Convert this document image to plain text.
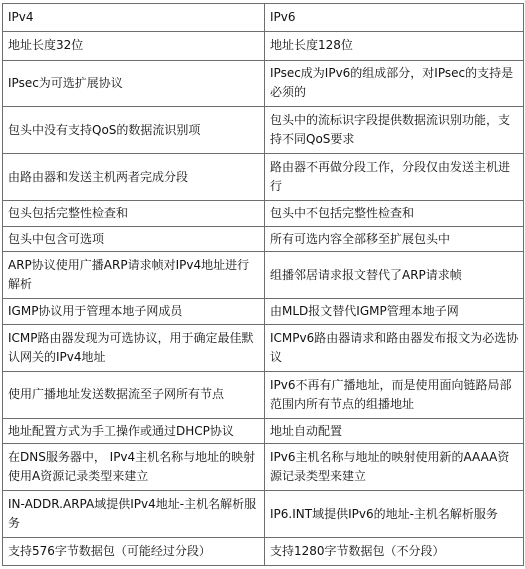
IPv4	IPv6
地址长度32位	地址长度128位
IPsec为可选扩展协议	IPsec成为IPv6的组成部分，对IPsec的支持是必须的
包头中没有支持QoS的数据流识别项	包头中的流标识字段提供数据流识别功能，支持不同QoS要求
由路由器和发送主机两者完成分段	路由器不再做分段工作，分段仅由发送主机进行
包头包括完整性检查和	包头中不包括完整性检查和
包头中包含可选项	所有可选内容全部移至扩展包头中
ARP协议使用广播ARP请求帧对IPv4地址进行解析	组播邻居请求报文替代了ARP请求帧
IGMP协议用于管理本地子网成员	由MLD报文替代IGMP管理本地子网
ICMP路由器发现为可选协议，用于确定最佳默认网关的IPv4地址	ICMPv6路由器请求和路由器发布报文为必选协议
使用广播地址发送数据流至子网所有节点	IPv6不再有广播地址，而是使用面向链路局部范围内所有节点的组播地址
地址配置方式为手工操作或通过DHCP协议	地址自动配置
在DNS服务器中， IPv4主机名称与地址的映射使用A资源记录类型来建立	IPv6主机名称与地址的映射使用新的AAAA资源记录类型来建立
IN-ADDR.ARPA域提供IPv4地址-主机名解析服务	IP6.INT域提供IPv6的地址-主机名解析服务
支持576字节数据包（可能经过分段）	支持1280字节数据包（不分段）
